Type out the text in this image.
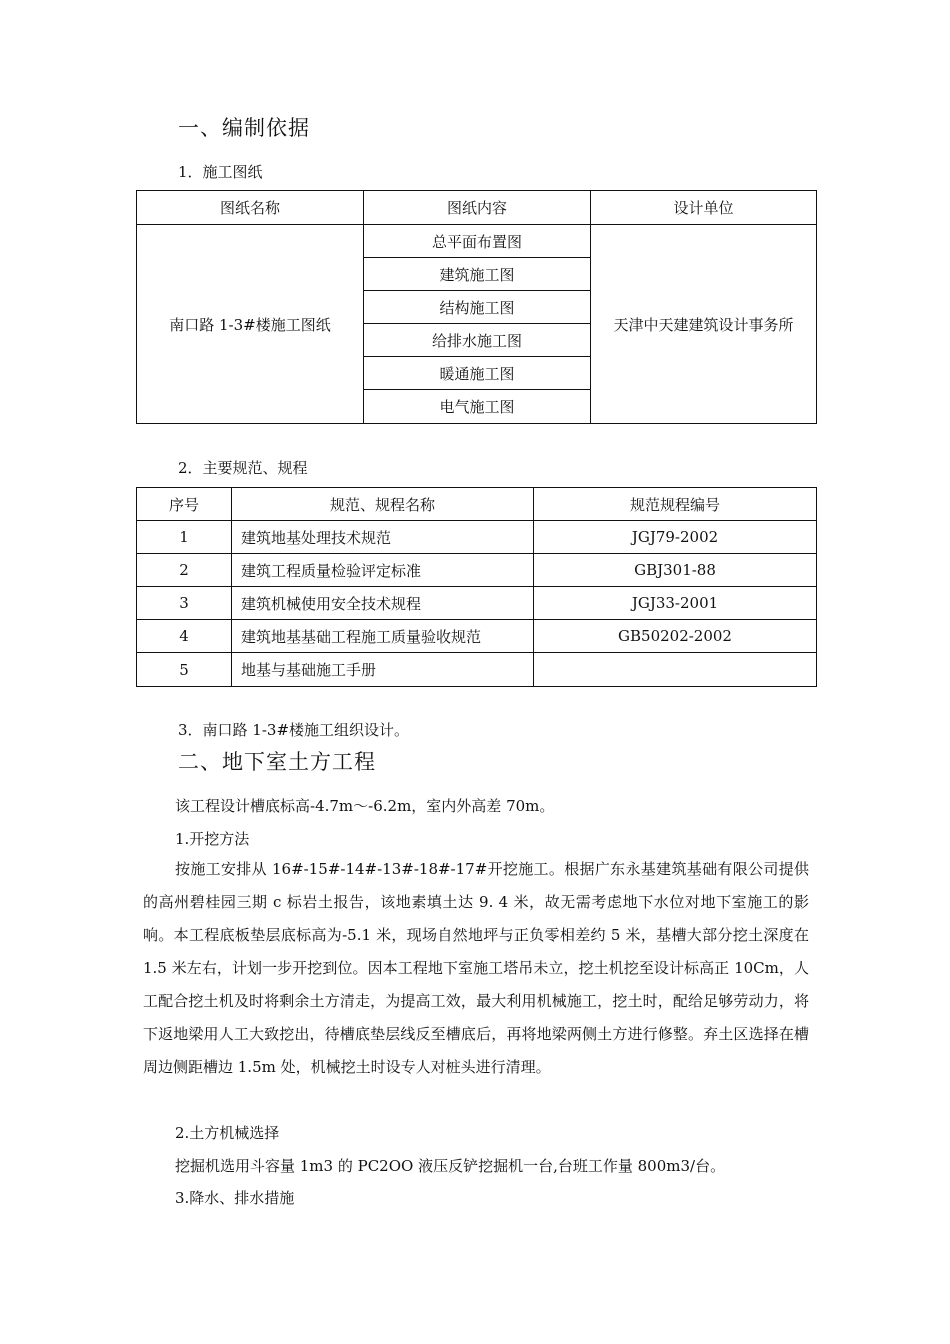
一、编制依据
1．施工图纸
图纸名称	图纸内容	设计单位
南口路 1-3#楼施工图纸	总平面布置图	天津中天建建筑设计事务所
	建筑施工图	
	结构施工图	
	给排水施工图	
	暖通施工图	
	电气施工图	
2．主要规范、规程
序号	规范、规程名称	规范规程编号
1	建筑地基处理技术规范	JGJ79-2002
2	建筑工程质量检验评定标准	GBJ301-88
3	建筑机械使用安全技术规程	JGJ33-2001
4	建筑地基基础工程施工质量验收规范	GB50202-2002
5	地基与基础施工手册	
3．南口路 1-3#楼施工组织设计。
二、地下室土方工程
该工程设计槽底标高-4.7m～-6.2m，室内外高差 70m。
1.开挖方法
按施工安排从 16#-15#-14#-13#-18#-17#开挖施工。根据广东永基建筑基础有限公司提供的高州碧桂园三期 c 标岩土报告，该地素填土达 9. 4 米，故无需考虑地下水位对地下室施工的影响。本工程底板垫层底标高为-5.1 米，现场自然地坪与正负零相差约 5 米，基槽大部分挖土深度在 1.5 米左右，计划一步开挖到位。因本工程地下室施工塔吊未立，挖土机挖至设计标高正 10Cm，人工配合挖土机及时将剩余土方清走，为提高工效，最大利用机械施工，挖土时，配给足够劳动力，将下返地梁用人工大致挖出，待槽底垫层线反至槽底后，再将地梁两侧土方进行修整。弃土区选择在槽周边侧距槽边 1.5m 处，机械挖土时设专人对桩头进行清理。
2.土方机械选择
挖掘机选用斗容量 1m3 的 PC2OO 液压反铲挖掘机一台,台班工作量 800m3/台。
3.降水、排水措施
